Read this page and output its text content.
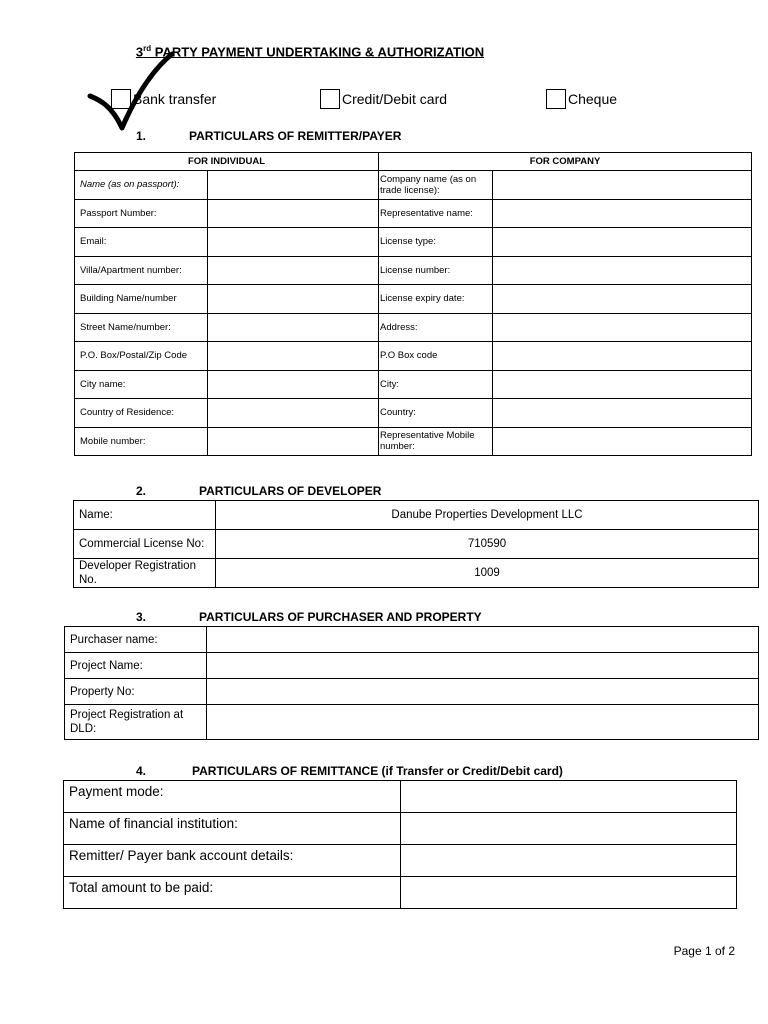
3rd PARTY PAYMENT UNDERTAKING & AUTHORIZATION
Bank transfer	Credit/Debit card	Cheque
1.	PARTICULARS OF REMITTER/PAYER
FOR INDIVIDUAL		FOR COMPANY	
Name (as on passport):		Company name (as on trade license):	
Passport Number:		Representative name:	
Email:		License type:	
Villa/Apartment number:		License number:	
Building Name/number		License expiry date:	
Street Name/number:		Address:	
P.O. Box/Postal/Zip Code		P.O Box code	
City name:		City:	
Country of Residence:		Country:	
Mobile number:		Representative Mobile number:	
2.	PARTICULARS OF DEVELOPER
Name:	Danube Properties Development LLC
Commercial License No:	710590
Developer Registration No.	1009
3.	PARTICULARS OF PURCHASER AND PROPERTY
Purchaser name:	
Project Name:	
Property No:	
Project Registration at DLD:	
4.	PARTICULARS OF REMITTANCE (if Transfer or Credit/Debit card)
Payment mode:	
Name of financial institution:	
Remitter/ Payer bank account details:	
Total amount to be paid:	
Page 1 of 2
